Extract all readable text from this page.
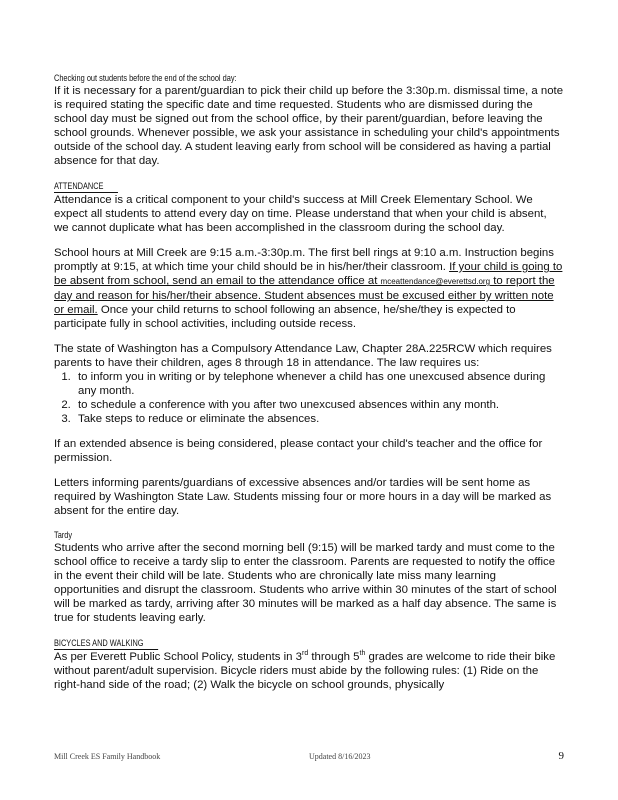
Checking out students before the end of the school day:

If it is necessary for a parent/guardian to pick their child up before the 3:30p.m. dismissal time, a note is required stating the specific date and time requested. Students who are dismissed during the school day must be signed out from the school office, by their parent/guardian, before leaving the school grounds. Whenever possible, we ask your assistance in scheduling your child's appointments outside of the school day. A student leaving early from school will be considered as having a partial absence for that day.

ATTENDANCE

Attendance is a critical component to your child's success at Mill Creek Elementary School. We expect all students to attend every day on time. Please understand that when your child is absent, we cannot duplicate what has been accomplished in the classroom during the school day.

School hours at Mill Creek are 9:15 a.m.-3:30p.m. The first bell rings at 9:10 a.m. Instruction begins promptly at 9:15, at which time your child should be in his/her/their classroom. If your child is going to be absent from school, send an email to the attendance office at mceattendance@everettsd.org to report the day and reason for his/her/their absence. Student absences must be excused either by written note or email. Once your child returns to school following an absence, he/she/they is expected to participate fully in school activities, including outside recess.

The state of Washington has a Compulsory Attendance Law, Chapter 28A.225RCW which requires parents to have their children, ages 8 through 18 in attendance. The law requires us:

1. to inform you in writing or by telephone whenever a child has one unexcused absence during any month.
2. to schedule a conference with you after two unexcused absences within any month.
3. Take steps to reduce or eliminate the absences.

If an extended absence is being considered, please contact your child's teacher and the office for permission.

Letters informing parents/guardians of excessive absences and/or tardies will be sent home as required by Washington State Law. Students missing four or more hours in a day will be marked as absent for the entire day.

Tardy

Students who arrive after the second morning bell (9:15) will be marked tardy and must come to the school office to receive a tardy slip to enter the classroom. Parents are requested to notify the office in the event their child will be late. Students who are chronically late miss many learning opportunities and disrupt the classroom. Students who arrive within 30 minutes of the start of school will be marked as tardy, arriving after 30 minutes will be marked as a half day absence. The same is true for students leaving early.

BICYCLES AND WALKING

As per Everett Public School Policy, students in 3rd through 5th grades are welcome to ride their bike without parent/adult supervision. Bicycle riders must abide by the following rules: (1) Ride on the right-hand side of the road; (2) Walk the bicycle on school grounds, physically

Mill Creek ES Family Handbook	Updated 8/16/2023	9
